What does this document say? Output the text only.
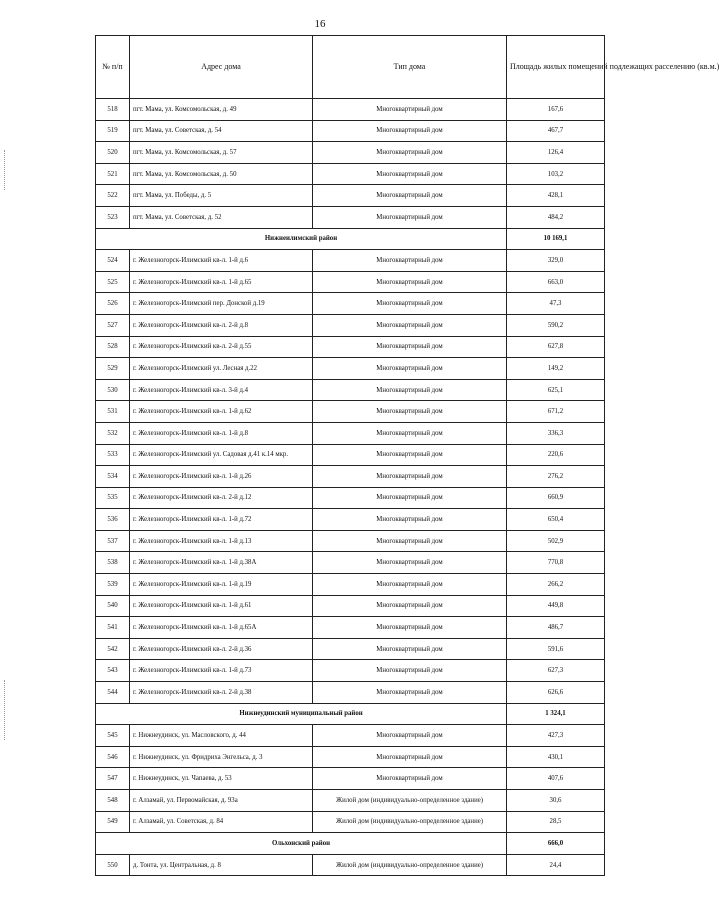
16
№ п/п	Адрес дома	Тип дома	Площадь жилых помещений подлежащих расселению (кв.м.)
518	пгт. Мама, ул. Комсомольская, д. 49	Многоквартирный дом	167,6
519	пгт. Мама, ул. Советская, д. 54	Многоквартирный дом	467,7
520	пгт. Мама, ул. Комсомольская, д. 57	Многоквартирный дом	126,4
521	пгт. Мама, ул. Комсомольская, д. 50	Многоквартирный дом	103,2
522	пгт. Мама, ул. Победы, д. 5	Многоквартирный дом	428,1
523	пгт. Мама, ул. Советская, д. 52	Многоквартирный дом	484,2
Нижнеилимский район			10 169,1
524	г. Железногорск-Илимский кв-л. 1-й д.6	Многоквартирный дом	329,0
525	г. Железногорск-Илимский кв-л. 1-й д.65	Многоквартирный дом	663,0
526	г. Железногорск-Илимский пер. Донской д.19	Многоквартирный дом	47,3
527	г. Железногорск-Илимский кв-л. 2-й д.8	Многоквартирный дом	590,2
528	г. Железногорск-Илимский кв-л. 2-й д.55	Многоквартирный дом	627,8
529	г. Железногорск-Илимский ул. Лесная д.22	Многоквартирный дом	149,2
530	г. Железногорск-Илимский кв-л. 3-й д.4	Многоквартирный дом	625,1
531	г. Железногорск-Илимский кв-л. 1-й д.62	Многоквартирный дом	671,2
532	г. Железногорск-Илимский кв-л. 1-й д.8	Многоквартирный дом	336,3
533	г. Железногорск-Илимский ул. Садовая д.41 к.14 мкр.	Многоквартирный дом	220,6
534	г. Железногорск-Илимский кв-л. 1-й д.26	Многоквартирный дом	276,2
535	г. Железногорск-Илимский кв-л. 2-й д.12	Многоквартирный дом	660,9
536	г. Железногорск-Илимский кв-л. 1-й д.72	Многоквартирный дом	650,4
537	г. Железногорск-Илимский кв-л. 1-й д.13	Многоквартирный дом	502,9
538	г. Железногорск-Илимский кв-л. 1-й д.38А	Многоквартирный дом	770,8
539	г. Железногорск-Илимский кв-л. 1-й д.19	Многоквартирный дом	266,2
540	г. Железногорск-Илимский кв-л. 1-й д.61	Многоквартирный дом	449,8
541	г. Железногорск-Илимский кв-л. 1-й д.65А	Многоквартирный дом	486,7
542	г. Железногорск-Илимский кв-л. 2-й д.36	Многоквартирный дом	591,6
543	г. Железногорск-Илимский кв-л. 1-й д.73	Многоквартирный дом	627,3
544	г. Железногорск-Илимский кв-л. 2-й д.38	Многоквартирный дом	626,6
Нижнеудинский муниципальный район			1 324,1
545	г. Нижнеудинск, ул. Масловского, д. 44	Многоквартирный дом	427,3
546	г. Нижнеудинск, ул. Фридриха Энгельса, д. 3	Многоквартирный дом	430,1
547	г. Нижнеудинск, ул. Чапаева, д. 53	Многоквартирный дом	407,6
548	г. Алзамай, ул. Первомайская, д. 93а	Жилой дом (индивидуально-определенное здание)	30,6
549	г. Алзамай, ул. Советская, д. 84	Жилой дом (индивидуально-определенное здание)	28,5
Ольхонский район			666,0
550	д. Тонта, ул. Центральная, д. 8	Жилой дом (индивидуально-определенное здание)	24,4
